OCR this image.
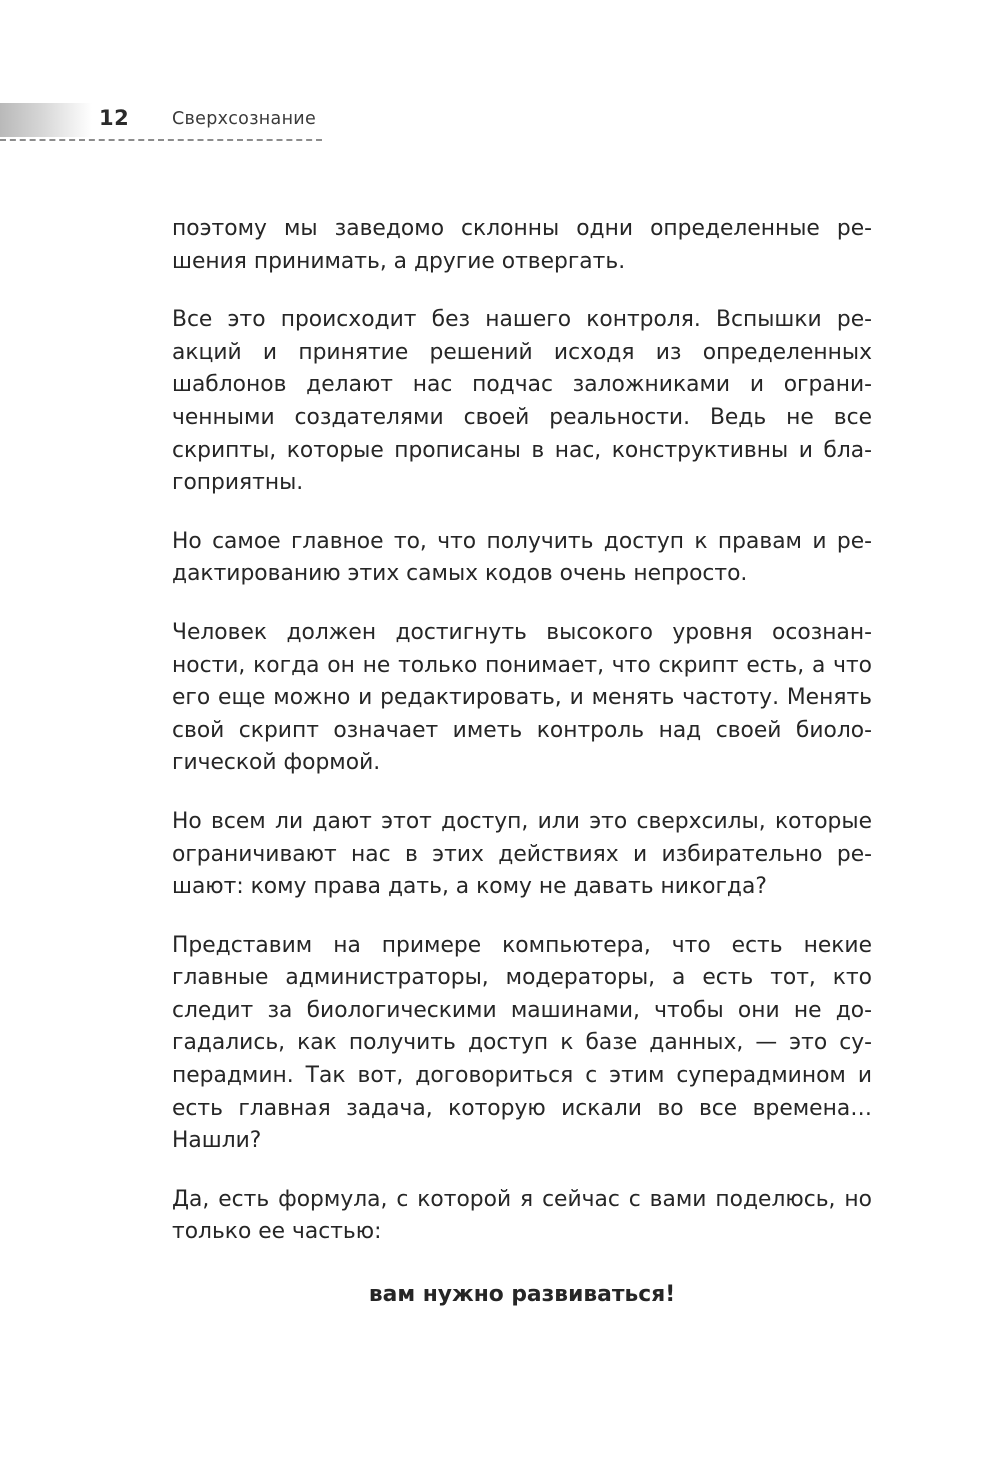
12 Сверхсознание

поэтому мы заведомо склонны одни определенные решения принимать, а другие отвергать.

Все это происходит без нашего контроля. Вспышки реакций и принятие решений исходя из определенных шаблонов делают нас подчас заложниками и ограниченными создателями своей реальности. Ведь не все скрипты, которые прописаны в нас, конструктивны и благоприятны.

Но самое главное то, что получить доступ к правам и редактированию этих самых кодов очень непросто.

Человек должен достигнуть высокого уровня осознанности, когда он не только понимает, что скрипт есть, а что его еще можно и редактировать, и менять частоту. Менять свой скрипт означает иметь контроль над своей биологической формой.

Но всем ли дают этот доступ, или это сверхсилы, которые ограничивают нас в этих действиях и избирательно решают: кому права дать, а кому не давать никогда?

Представим на примере компьютера, что есть некие главные администраторы, модераторы, а есть тот, кто следит за биологическими машинами, чтобы они не догадались, как получить доступ к базе данных, — это суперадмин. Так вот, договориться с этим суперадмином и есть главная задача, которую искали во все времена… Нашли?

Да, есть формула, с которой я сейчас с вами поделюсь, но только ее частью:

вам нужно развиваться!
